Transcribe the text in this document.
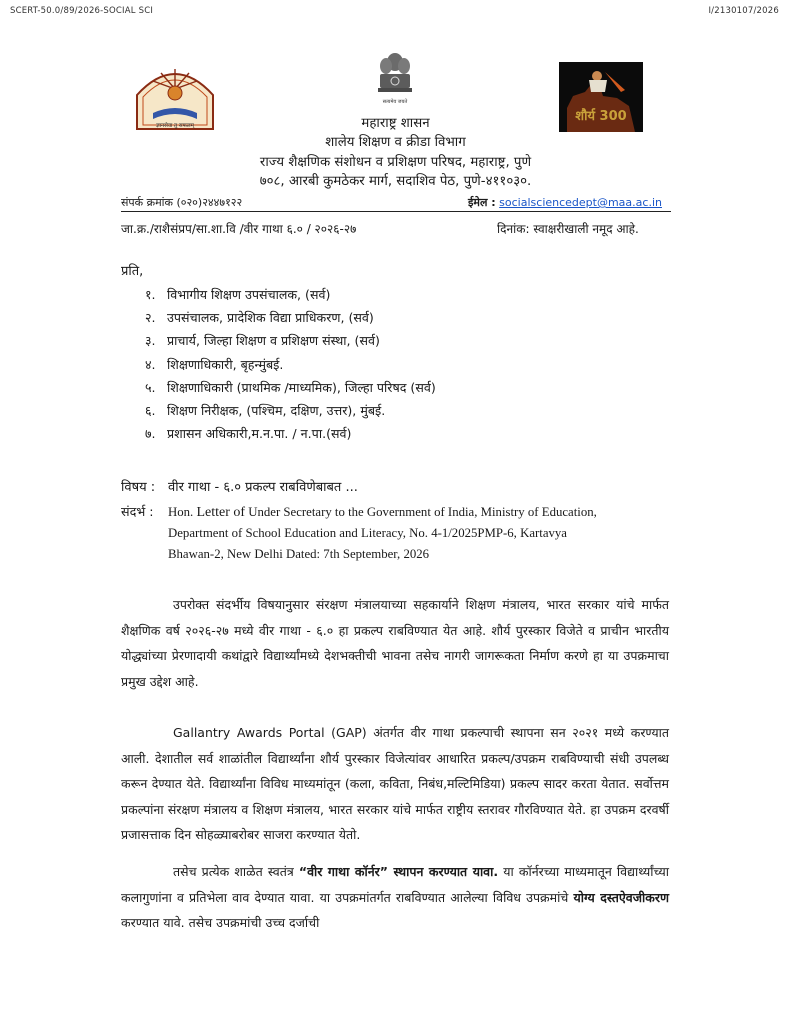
SCERT-50.0/89/2026-SOCIAL SCI	I/2130107/2026
ज्ञानसेवा तु सफलम्
सत्यमेव जयते
शौर्य 300
महाराष्ट्र शासन
शालेय शिक्षण व क्रीडा विभाग
राज्य शैक्षणिक संशोधन व प्रशिक्षण परिषद, महाराष्ट्र, पुणे
७०८, आरबी कुमठेकर मार्ग, सदाशिव पेठ, पुणे-४११०३०.
संपर्क क्रमांक (०२०)२४४७१२२	ईमेल : socialsciencedept@maa.ac.in
जा.क्र./राशैसंप्रप/सा.शा.वि /वीर गाथा ६.० / २०२६-२७	दिनांक: स्वाक्षरीखाली नमूद आहे.
प्रति,
१. विभागीय शिक्षण उपसंचालक, (सर्व)
२. उपसंचालक, प्रादेशिक विद्या प्राधिकरण, (सर्व)
३. प्राचार्य, जिल्हा शिक्षण व प्रशिक्षण संस्था, (सर्व)
४. शिक्षणाधिकारी, बृहन्मुंबई.
५. शिक्षणाधिकारी (प्राथमिक /माध्यमिक), जिल्हा परिषद (सर्व)
६. शिक्षण निरीक्षक, (पश्चिम, दक्षिण, उत्तर), मुंबई.
७. प्रशासन अधिकारी,म.न.पा. / न.पा.(सर्व)
विषय : वीर गाथा - ६.० प्रकल्प राबविणेबाबत ...
संदर्भ :	Hon. Letter of Under Secretary to the Government of India, Ministry of Education,
Department of School Education and Literacy, No. 4-1/2025PMP-6, Kartavya
Bhawan-2, New Delhi Dated: 7th September, 2026
उपरोक्त संदर्भीय विषयानुसार संरक्षण मंत्रालयाच्या सहकार्याने शिक्षण मंत्रालय, भारत सरकार यांचे मार्फत शैक्षणिक वर्ष २०२६-२७ मध्ये वीर गाथा - ६.० हा प्रकल्प राबविण्यात येत आहे. शौर्य पुरस्कार विजेते व प्राचीन भारतीय योद्ध्यांच्या प्रेरणादायी कथांद्वारे विद्यार्थ्यांमध्ये देशभक्तीची भावना तसेच नागरी जागरूकता निर्माण करणे हा या उपक्रमाचा प्रमुख उद्देश आहे.
Gallantry Awards Portal (GAP) अंतर्गत वीर गाथा प्रकल्पाची स्थापना सन २०२१ मध्ये करण्यात आली. देशातील सर्व शाळांतील विद्यार्थ्यांना शौर्य पुरस्कार विजेत्यांवर आधारित प्रकल्प/उपक्रम राबविण्याची संधी उपलब्ध करून देण्यात येते. विद्यार्थ्यांना विविध माध्यमांतून (कला, कविता, निबंध,मल्टिमिडिया) प्रकल्प सादर करता येतात. सर्वोत्तम प्रकल्पांना संरक्षण मंत्रालय व शिक्षण मंत्रालय, भारत सरकार यांचे मार्फत राष्ट्रीय स्तरावर गौरविण्यात येते. हा उपक्रम दरवर्षी प्रजासत्ताक दिन सोहळ्याबरोबर साजरा करण्यात येतो.
तसेच प्रत्येक शाळेत स्वतंत्र “वीर गाथा कॉर्नर” स्थापन करण्यात यावा. या कॉर्नरच्या माध्यमातून विद्यार्थ्यांच्या कलागुणांना व प्रतिभेला वाव देण्यात यावा. या उपक्रमांतर्गत राबविण्यात आलेल्या विविध उपक्रमांचे योग्य दस्तऐवजीकरण करण्यात यावे. तसेच उपक्रमांची उच्च दर्जाची
